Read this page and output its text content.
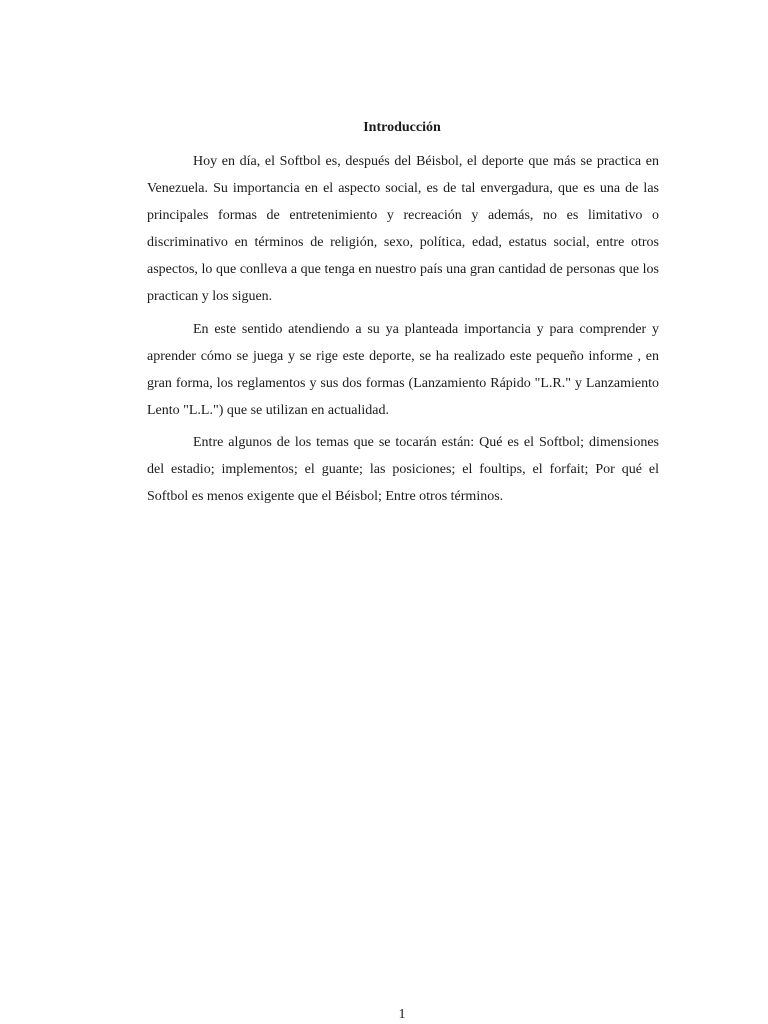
Introducción

Hoy en día, el Softbol es, después del Béisbol, el deporte que más se practica en Venezuela. Su importancia en el aspecto social, es de tal envergadura, que es una de las principales formas de entretenimiento y recreación y además, no es limitativo o discriminativo en términos de religión, sexo, política, edad, estatus social, entre otros aspectos, lo que conlleva a que tenga en nuestro país una gran cantidad de personas que los practican y los siguen.

En este sentido atendiendo a su ya planteada importancia y para comprender y aprender cómo se juega y se rige este deporte, se ha realizado este pequeño informe , en gran forma, los reglamentos y sus dos formas (Lanzamiento Rápido "L.R." y Lanzamiento Lento "L.L.") que se utilizan en actualidad.

Entre algunos de los temas que se tocarán están: Qué es el Softbol; dimensiones del estadio; implementos; el guante; las posiciones; el foultips, el forfait; Por qué el Softbol es menos exigente que el Béisbol; Entre otros términos.

1
